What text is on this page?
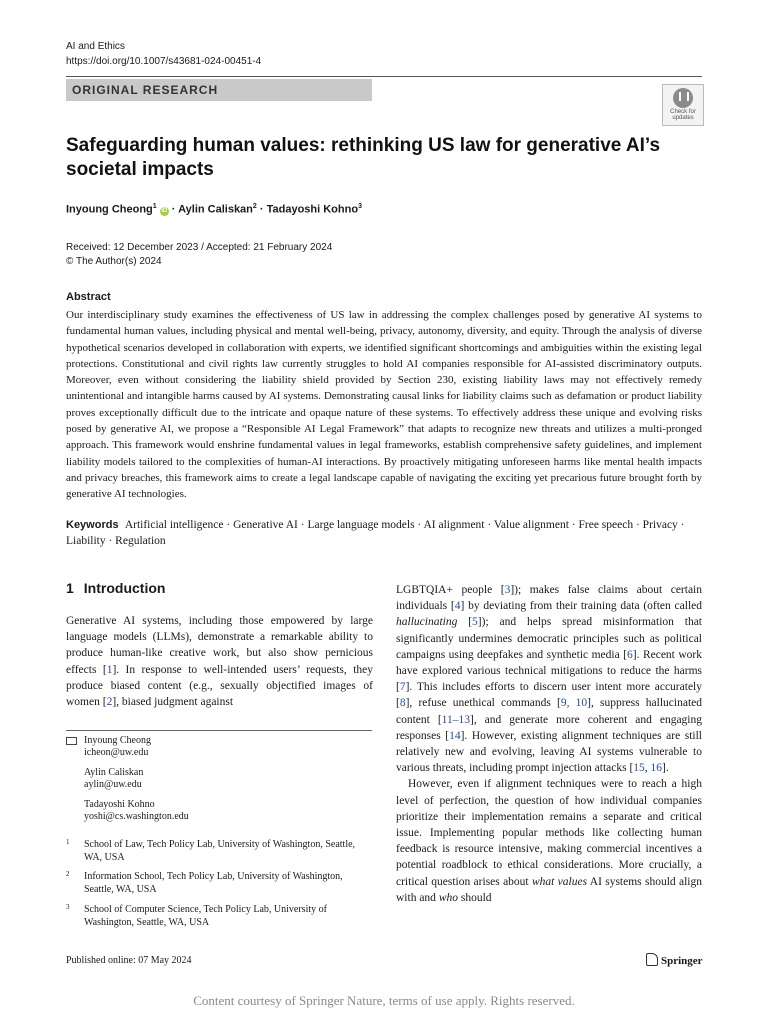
AI and Ethics
https://doi.org/10.1007/s43681-024-00451-4
ORIGINAL RESEARCH
Check for updates
Safeguarding human values: rethinking US law for generative AI’s societal impacts
Inyoung Cheong$^1$ iD · Aylin Caliskan$^2$ · Tadayoshi Kohno$^3$
Received: 12 December 2023 / Accepted: 21 February 2024
© The Author(s) 2024
Abstract
Our interdisciplinary study examines the effectiveness of US law in addressing the complex challenges posed by generative AI systems to fundamental human values, including physical and mental well-being, privacy, autonomy, diversity, and equity. Through the analysis of diverse hypothetical scenarios developed in collaboration with experts, we identified significant shortcomings and ambiguities within the existing legal protections. Constitutional and civil rights law currently struggles to hold AI companies responsible for AI-assisted discriminatory outputs. Moreover, even without considering the liability shield provided by Section 230, existing liability laws may not effectively remedy unintentional and intangible harms caused by AI systems. Demonstrating causal links for liability claims such as defamation or product liability proves exceptionally difficult due to the intricate and opaque nature of these systems. To effectively address these unique and evolving risks posed by generative AI, we propose a “Responsible AI Legal Framework” that adapts to recognize new threats and utilizes a multi-pronged approach. This framework would enshrine fundamental values in legal frameworks, establish comprehensive safety guidelines, and implement liability models tailored to the complexities of human-AI interactions. By proactively mitigating unforeseen harms like mental health impacts and privacy breaches, this framework aims to create a legal landscape capable of navigating the exciting yet precarious future brought forth by generative AI technologies.
Keywords Artificial intelligence · Generative AI · Large language models · AI alignment · Value alignment · Free speech · Privacy · Liability · Regulation
1 Introduction
Generative AI systems, including those empowered by large language models (LLMs), demonstrate a remarkable ability to produce human-like creative work, but also show pernicious effects [1]. In response to well-intended users’ requests, they produce biased content (e.g., sexually objectified images of women [2], biased judgment against
LGBTQIA+ people [3]); makes false claims about certain individuals [4] by deviating from their training data (often called hallucinating [5]); and helps spread misinformation that significantly undermines democratic principles such as political campaigns using deepfakes and synthetic media [6]. Recent work have explored various technical mitigations to reduce the harms [7]. This includes efforts to discern user intent more accurately [8], refuse unethical commands [9, 10], suppress hallucinated content [11–13], and generate more coherent and engaging responses [14]. However, existing alignment techniques are still relatively new and evolving, leaving AI systems vulnerable to various threats, including prompt injection attacks [15, 16].
However, even if alignment techniques were to reach a high level of perfection, the question of how individual companies prioritize their implementation remains a separate and critical issue. Implementing popular methods like collecting human feedback is resource intensive, making commercial incentives a potential roadblock to ethical considerations. More crucially, a critical question arises about what values AI systems should align with and who should
Inyoung Cheong
icheon@uw.edu
Aylin Caliskan
aylin@uw.edu
Tadayoshi Kohno
yoshi@cs.washington.edu
1 School of Law, Tech Policy Lab, University of Washington, Seattle, WA, USA
2 Information School, Tech Policy Lab, University of Washington, Seattle, WA, USA
3 School of Computer Science, Tech Policy Lab, University of Washington, Seattle, WA, USA
Published online: 07 May 2024	Springer
Content courtesy of Springer Nature, terms of use apply. Rights reserved.
